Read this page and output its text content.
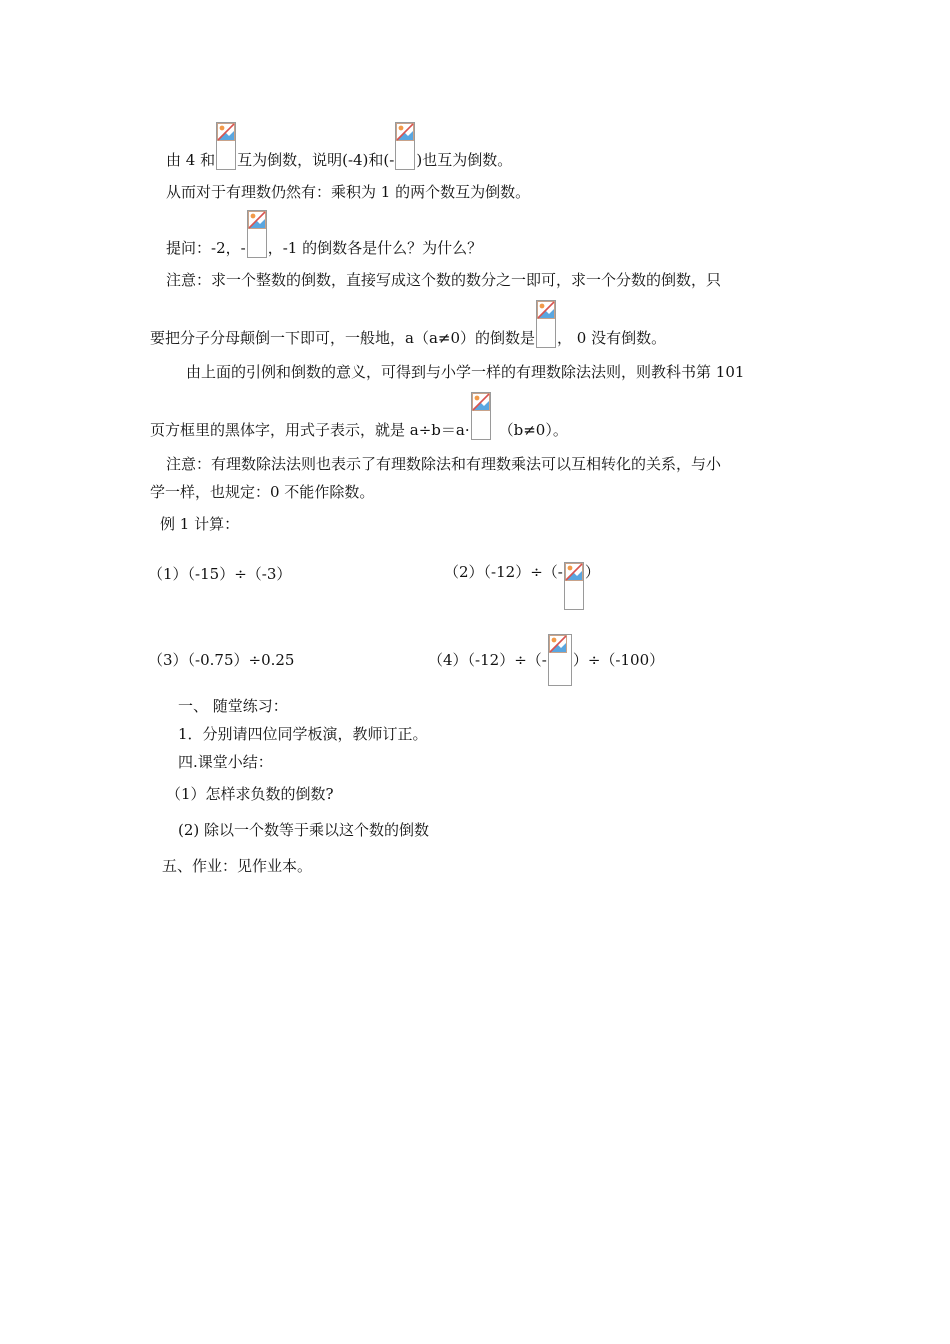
由 4 和 互为倒数，说明(-4)和(- )也互为倒数。
从而对于有理数仍然有：乘积为 1 的两个数互为倒数。
提问：-2，- ，-1 的倒数各是什么？为什么？
注意：求一个整数的倒数，直接写成这个数的数分之一即可，求一个分数的倒数，只
要把分子分母颠倒一下即可，一般地，a（a≠0）的倒数是 ， 0 没有倒数。
由上面的引例和倒数的意义，可得到与小学一样的有理数除法法则，则教科书第 101
页方框里的黑体字，用式子表示，就是 a÷b＝a· （b≠0）。
注意：有理数除法法则也表示了有理数除法和有理数乘法可以互相转化的关系，与小
学一样，也规定：0 不能作除数。
例 1 计算：
（1）（-15）÷（-3）	（2）（-12）÷（- ）
（3）（-0.75）÷0.25	（4）（-12）÷（- ）÷（-100）
一、 随堂练习：
1．分别请四位同学板演，教师订正。
四.课堂小结：
（1）怎样求负数的倒数?
(2) 除以一个数等于乘以这个数的倒数
五、作业：见作业本。
